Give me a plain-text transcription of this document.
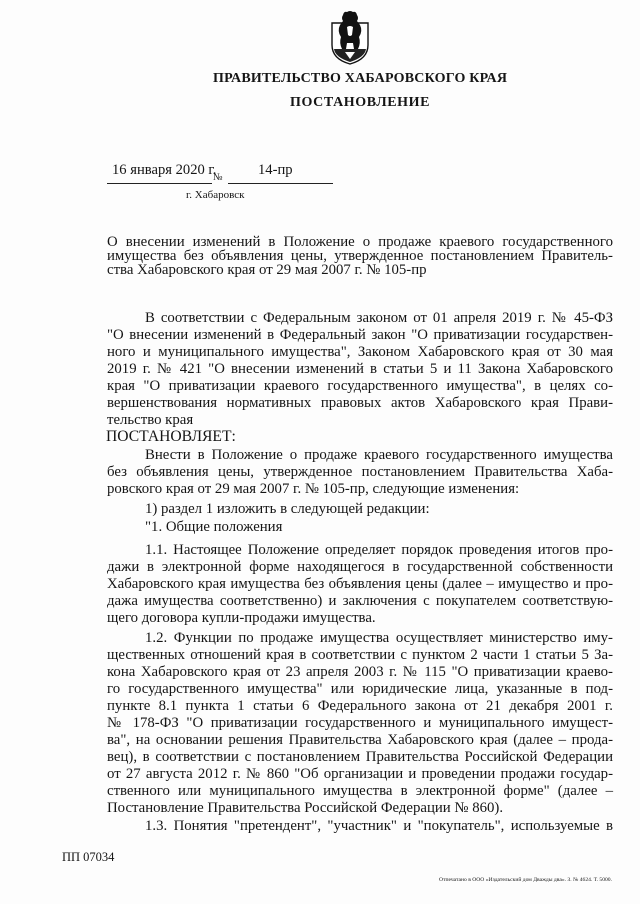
ПРАВИТЕЛЬСТВО ХАБАРОВСКОГО КРАЯ
ПОСТАНОВЛЕНИЕ
16 января 2020 г.
№ 14-пр
г. Хабаровск
О внесении изменений в Положение о продаже краевого государственного
имущества без объявления цены, утвержденное постановлением Правитель-
ства Хабаровского края от 29 мая 2007 г. № 105-пр
В соответствии с Федеральным законом от 01 апреля 2019 г. № 45-ФЗ
"О внесении изменений в Федеральный закон "О приватизации государствен-
ного и муниципального имущества", Законом Хабаровского края от 30 мая
2019 г. № 421 "О внесении изменений в статьи 5 и 11 Закона Хабаровского
края "О приватизации краевого государственного имущества", в целях со-
вершенствования нормативных правовых актов Хабаровского края Прави-
тельство края
ПОСТАНОВЛЯЕТ:
Внести в Положение о продаже краевого государственного имущества
без объявления цены, утвержденное постановлением Правительства Хаба-
ровского края от 29 мая 2007 г. № 105-пр, следующие изменения:
1) раздел 1 изложить в следующей редакции:
"1. Общие положения
1.1. Настоящее Положение определяет порядок проведения итогов про-
дажи в электронной форме находящегося в государственной собственности
Хабаровского края имущества без объявления цены (далее – имущество и про-
дажа имущества соответственно) и заключения с покупателем соответствую-
щего договора купли-продажи имущества.
1.2. Функции по продаже имущества осуществляет министерство иму-
щественных отношений края в соответствии с пунктом 2 части 1 статьи 5 За-
кона Хабаровского края от 23 апреля 2003 г. № 115 "О приватизации краево-
го государственного имущества" или юридические лица, указанные в под-
пункте 8.1 пункта 1 статьи 6 Федерального закона от 21 декабря 2001 г.
№ 178-ФЗ "О приватизации государственного и муниципального имущест-
ва", на основании решения Правительства Хабаровского края (далее – прода-
вец), в соответствии с постановлением Правительства Российской Федерации
от 27 августа 2012 г. № 860 "Об организации и проведении продажи государ-
ственного или муниципального имущества в электронной форме" (далее –
Постановление Правительства Российской Федерации № 860).
1.3. Понятия "претендент", "участник" и "покупатель", используемые в
ПП 07034
Отпечатано в ООО «Издательский дом Дважды два». З. № 4624. Т. 5000.
